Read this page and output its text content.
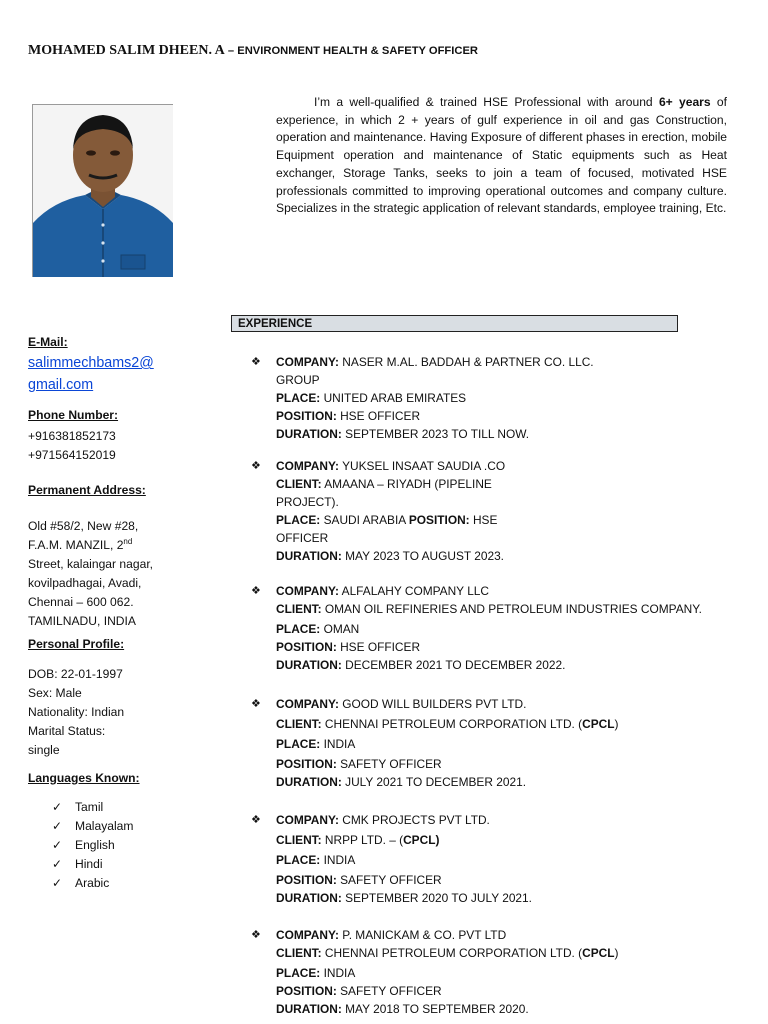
MOHAMED SALIM DHEEN. A – ENVIRONMENT HEALTH & SAFETY OFFICER

I’m a well-qualified & trained HSE Professional with around 6+ years of experience, in which 2 + years of gulf experience in oil and gas Construction, operation and maintenance. Having Exposure of different phases in erection, mobile Equipment operation and maintenance of Static equipments such as Heat exchanger, Storage Tanks, seeks to join a team of focused, motivated HSE professionals committed to improving operational outcomes and company culture. Specializes in the strategic application of relevant standards, employee training, Etc.

EXPERIENCE
E-Mail:
salimmechbams2@
gmail.com
Phone Number:
+916381852173
+971564152019
Permanent Address:
Old #58/2, New #28,
F.A.M. MANZIL, 2nd
Street, kalaingar nagar,
kovilpadhagai, Avadi,
Chennai – 600 062.
TAMILNADU, INDIA
Personal Profile:
DOB: 22-01-1997
Sex: Male
Nationality: Indian
Marital Status:
single
Languages Known:
✓	Tamil
✓	Malayalam
✓	English
✓	Hindi
✓	Arabic
❖ COMPANY: NASER M.AL. BADDAH & PARTNER CO. LLC.
GROUP
PLACE: UNITED ARAB EMIRATES
POSITION: HSE OFFICER
DURATION: SEPTEMBER 2023 TO TILL NOW.
❖ COMPANY: YUKSEL INSAAT SAUDIA .CO
CLIENT: AMAANA – RIYADH (PIPELINE
PROJECT).
PLACE: SAUDI ARABIA POSITION: HSE
OFFICER
DURATION: MAY 2023 TO AUGUST 2023.
❖ COMPANY: ALFALAHY COMPANY LLC
CLIENT: OMAN OIL REFINERIES AND PETROLEUM INDUSTRIES COMPANY.
PLACE: OMAN
POSITION: HSE OFFICER
DURATION: DECEMBER 2021 TO DECEMBER 2022.
❖ COMPANY: GOOD WILL BUILDERS PVT LTD.
CLIENT: CHENNAI PETROLEUM CORPORATION LTD. (CPCL)
PLACE: INDIA
POSITION: SAFETY OFFICER
DURATION: JULY 2021 TO DECEMBER 2021.
❖ COMPANY: CMK PROJECTS PVT LTD.
CLIENT: NRPP LTD. – (CPCL)
PLACE: INDIA
POSITION: SAFETY OFFICER
DURATION: SEPTEMBER 2020 TO JULY 2021.
❖ COMPANY: P. MANICKAM & CO. PVT LTD
CLIENT: CHENNAI PETROLEUM CORPORATION LTD. (CPCL)
PLACE: INDIA
POSITION: SAFETY OFFICER
DURATION: MAY 2018 TO SEPTEMBER 2020.
